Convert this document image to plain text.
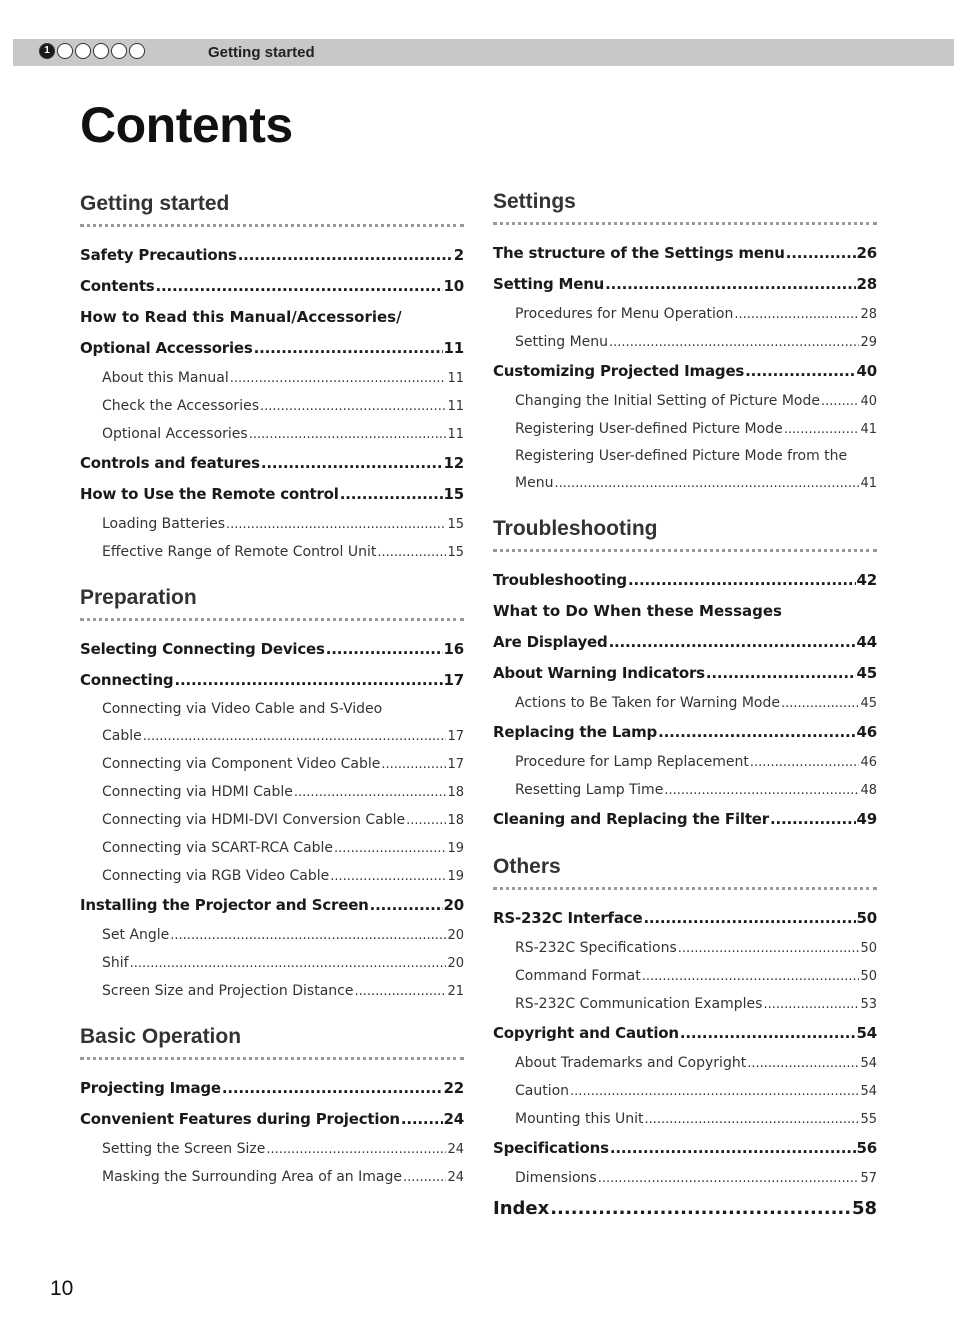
1	Getting started
Contents
Getting started
Safety Precautions .....	2
Contents .....	10
How to Read this Manual/Accessories/
Optional Accessories .....	11
About this Manual .....	11
Check the Accessories .....	11
Optional Accessories .....	11
Controls and features .....	12
How to Use the Remote control .....	15
Loading Batteries .....	15
Effective Range of Remote Control Unit .....	15
Preparation
Selecting Connecting Devices .....	16
Connecting .....	17
Connecting via Video Cable and S-Video
Cable .....	17
Connecting via Component Video Cable .....	17
Connecting via HDMI Cable .....	18
Connecting via HDMI-DVI Conversion Cable .....	18
Connecting via SCART-RCA Cable .....	19
Connecting via RGB Video Cable .....	19
Installing the Projector and Screen .....	20
Set Angle .....	20
Shif .....	20
Screen Size and Projection Distance .....	21
Basic Operation
Projecting Image .....	22
Convenient Features during Projection .....	24
Setting the Screen Size .....	24
Masking the Surrounding Area of an Image .....	24
Settings
The structure of the Settings menu .....	26
Setting Menu .....	28
Procedures for Menu Operation .....	28
Setting Menu .....	29
Customizing Projected Images .....	40
Changing the Initial Setting of Picture Mode .....	40
Registering User-defined Picture Mode .....	41
Registering User-defined Picture Mode from the
Menu .....	41
Troubleshooting
Troubleshooting .....	42
What to Do When these Messages
Are Displayed .....	44
About Warning Indicators .....	45
Actions to Be Taken for Warning Mode .....	45
Replacing the Lamp .....	46
Procedure for Lamp Replacement .....	46
Resetting Lamp Time .....	48
Cleaning and Replacing the Filter .....	49
Others
RS-232C Interface .....	50
RS-232C Specifications .....	50
Command Format .....	50
RS-232C Communication Examples .....	53
Copyright and Caution .....	54
About Trademarks and Copyright .....	54
Caution .....	54
Mounting this Unit .....	55
Specifications .....	56
Dimensions .....	57
Index .....	58
10
